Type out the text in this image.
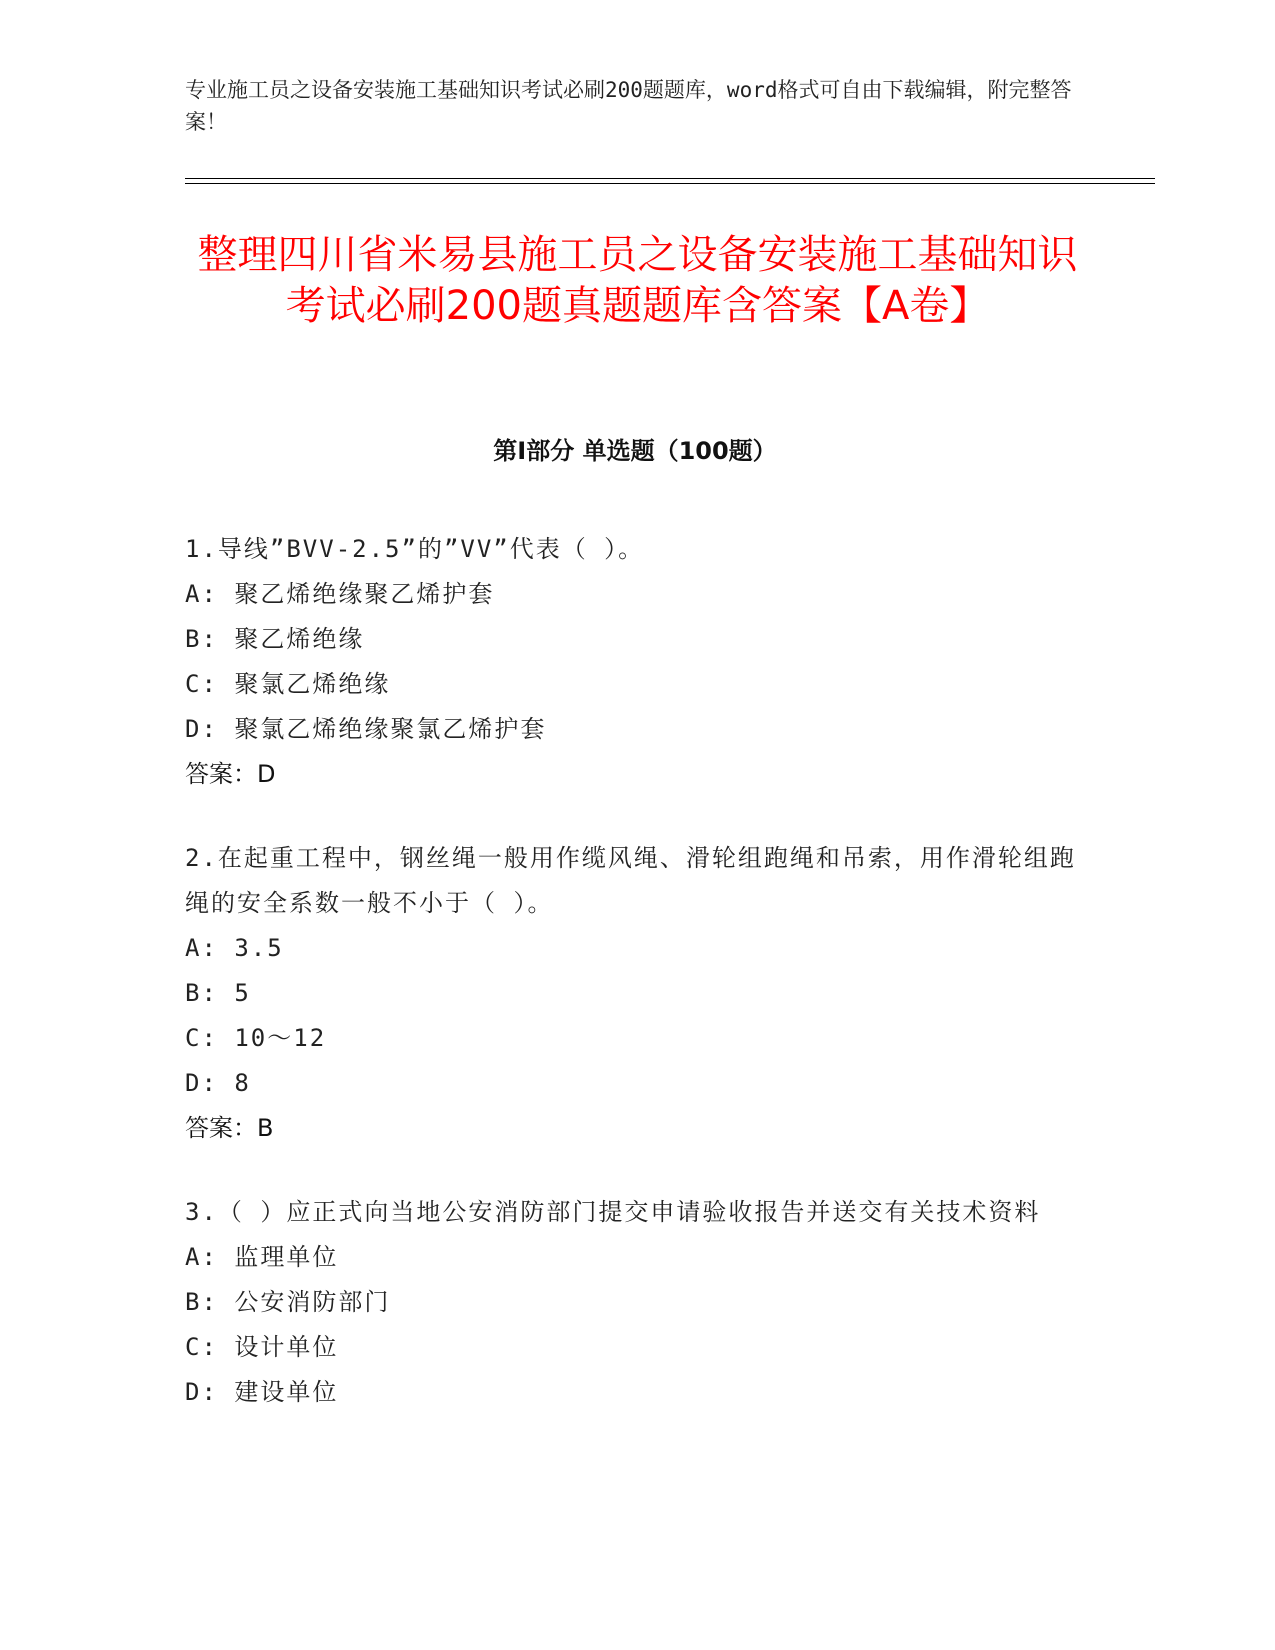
专业施工员之设备安装施工基础知识考试必刷200题题库，word格式可自由下载编辑，附完整答案！
整理四川省米易县施工员之设备安装施工基础知识考试必刷200题真题题库含答案【A卷】
第Ⅰ部分 单选题（100题）
1.导线”BVV-2.5”的”VV”代表（ ）。
A: 聚乙烯绝缘聚乙烯护套
B: 聚乙烯绝缘
C: 聚氯乙烯绝缘
D: 聚氯乙烯绝缘聚氯乙烯护套
答案：D
2.在起重工程中，钢丝绳一般用作缆风绳、滑轮组跑绳和吊索，用作滑轮组跑绳的安全系数一般不小于（ ）。
A: 3.5
B: 5
C: 10～12
D: 8
答案：B
3.（ ）应正式向当地公安消防部门提交申请验收报告并送交有关技术资料
A: 监理单位
B: 公安消防部门
C: 设计单位
D: 建设单位
